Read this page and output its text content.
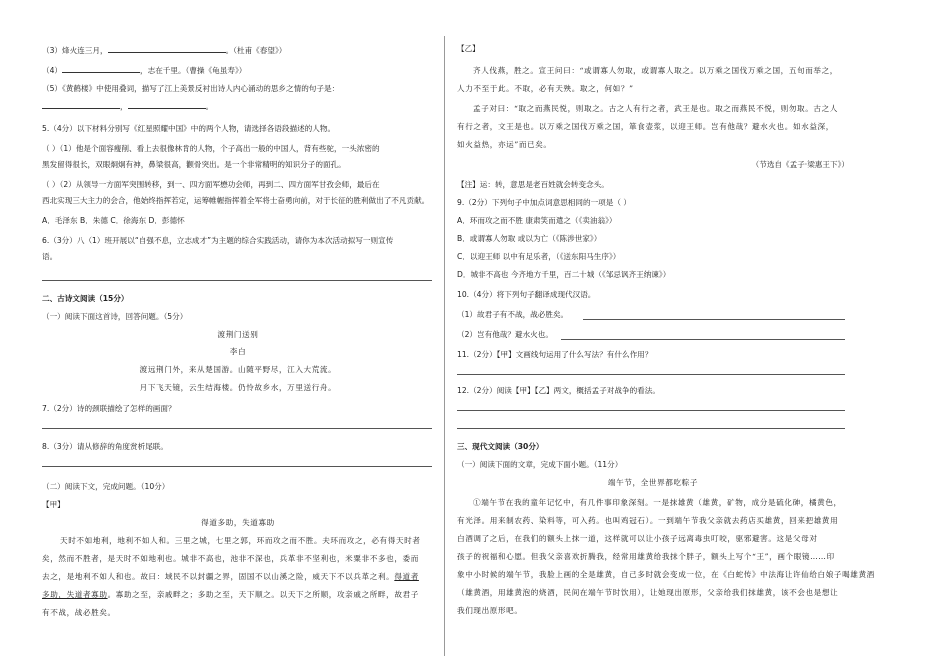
（3）烽火连三月，	。（杜甫《春望》）
（4）	，志在千里。（曹操《龟虽寿》）
（5）《黄鹤楼》中使用叠词，描写了江上美景反衬出诗人内心涌动的思乡之情的句子是：
，	。
5.（4分）以下材料分别写《红星照耀中国》中的两个人物，请选择各语段描述的人物。
（ ）（1）他是个面容瘦削、看上去很像林肯的人物，个子高出一般的中国人，背有些驼，一头浓密的
黑发留得很长，双眼炯炯有神，鼻梁很高，颧骨突出。是一个非常精明的知识分子的面孔。
（ ）（2）从领导一方面军突围转移，到一、四方面军懋功会师，再到二、四方面军甘孜会师，最后在
西北实现三大主力的会合，他始终指挥若定，运筹帷幄指挥着全军将士奋勇向前，对于长征的胜利做出了不凡贡献。
A．毛泽东 B．朱德 C．徐海东 D．彭德怀
6.（3分）八（1）班开展以“自强不息，立志成才”为主题的综合实践活动，请你为本次活动拟写一则宣传
语。
二、古诗文阅读（15分）
（一）阅读下面这首诗，回答问题。（5分）
渡荆门送别
李白
渡远荆门外，来从楚国游。山随平野尽，江入大荒流。
月下飞天镜，云生结海楼。仍怜故乡水，万里送行舟。
7.（2分）诗的颈联描绘了怎样的画面？
8.（3分）请从修辞的角度赏析尾联。
（二）阅读下文，完成问题。（10分）
【甲】
得道多助，失道寡助
天时不如地利，地利不如人和。三里之城，七里之郭，环而攻之而不胜。夫环而攻之，必有得天时者
矣，然而不胜者，是天时不如地利也。城非不高也，池非不深也，兵革非不坚利也，米粟非不多也，委而
去之，是地利不如人和也。故曰：域民不以封疆之界，固国不以山溪之险，威天下不以兵革之利。得道者
多助，失道者寡助。寡助之至，亲戚畔之；多助之至，天下顺之。以天下之所顺，攻亲戚之所畔，故君子
有不战，战必胜矣。
【乙】
齐人伐燕，胜之。宣王问曰：“或谓寡人勿取，或谓寡人取之。以万乘之国伐万乘之国，五旬而举之，
人力不至于此。不取，必有天殃。取之，何如？”
孟子对曰：“取之而燕民悦，则取之。古之人有行之者，武王是也。取之而燕民不悦，则勿取。古之人
有行之者，文王是也。以万乘之国伐万乘之国，箪食壶浆，以迎王师。岂有他哉？避水火也。如水益深，
如火益热，亦运”而已矣。
（节选自《孟子·梁惠王下》）
【注】运：转，意思是老百姓就会转变念头。
9.（2分）下列句子中加点词意思相同的一项是（ ）
A．环而攻之而不胜 康肃笑而遣之（《卖油翁》）
B．或谓寡人勿取 或以为亡（《陈涉世家》）
C．以迎王师 以中有足乐者，（《送东阳马生序》）
D．城非不高也 今齐地方千里，百二十城（《邹忌讽齐王纳谏》）
10.（4分）将下列句子翻译成现代汉语。
（1）故君子有不战，战必胜矣。
（2）岂有他哉？避水火也。
11.（2分）【甲】文画线句运用了什么写法？有什么作用？
12.（2分）阅读【甲】【乙】两文，概括孟子对战争的看法。
三、现代文阅读（30分）
（一）阅读下面的文章，完成下面小题。（11分）
端午节，全世界都吃粽子
①端午节在我的童年记忆中，有几件事印象深刻。一是抹雄黄（雄黄，矿物，成分是硫化砷，橘黄色，
有光泽。用来制农药、染料等，可入药。也叫鸡冠石）。一到端午节我父亲就去药店买雄黄，回来把雄黄用
白酒调了之后，在我们的额头上抹一道，这样就可以让小孩子远离毒虫叮咬，驱邪避害。这是父母对
孩子的祝福和心愿。但我父亲喜欢折腾我，经常用雄黄给我抹个胖子，额头上写个“王”，画个眼镜……印
象中小时候的端午节，我脸上画的全是雄黄，自己多时就会变成一位，在《白蛇传》中法海让许仙给白娘子喝雄黄酒
（雄黄酒，用雄黄泡的烧酒，民间在端午节时饮用），让她现出原形，父亲给我们抹雄黄，该不会也是想让
我们现出原形吧。
